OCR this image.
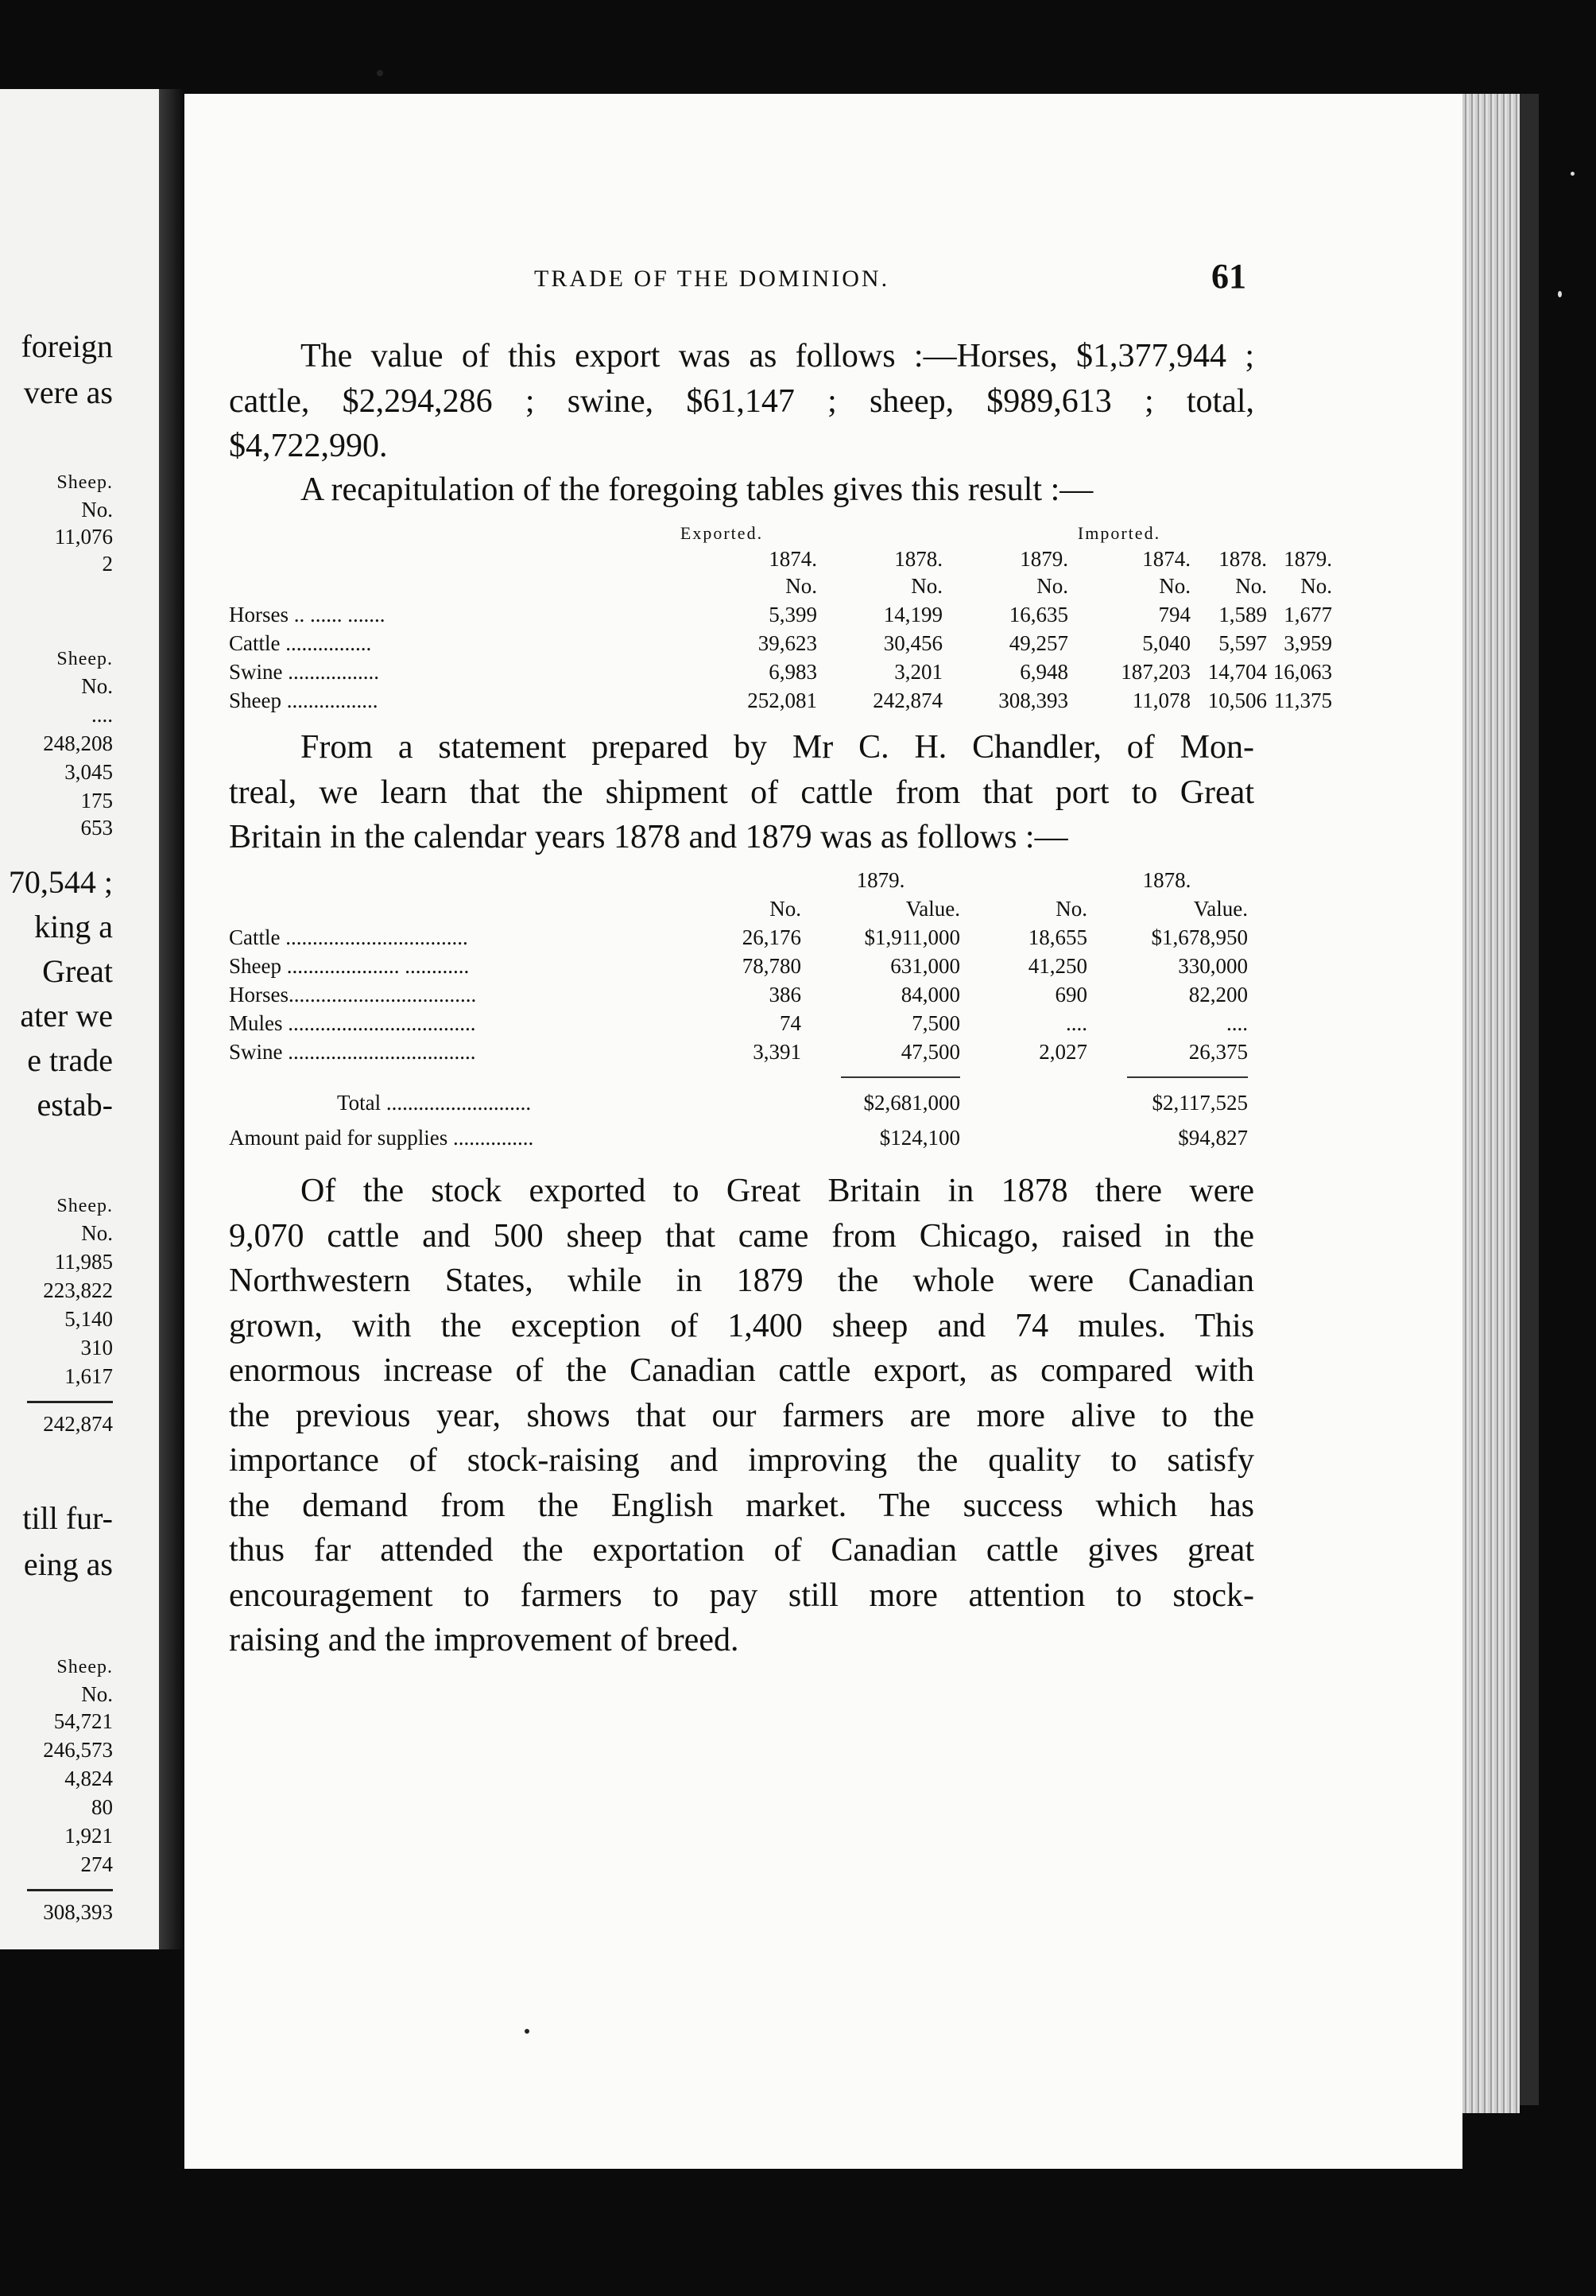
foreign
vere as
Sheep.
No.
11,076
2
Sheep.
No.
....
248,208
3,045
175
653
70,544 ;
king a
Great
ater we
e trade
estab-
Sheep.
No.
11,985
223,822
5,140
310
1,617
242,874
till fur-
eing as
Sheep.
No.
54,721
246,573
4,824
80
1,921
274
308,393
TRADE OF THE DOMINION.	61
The value of this export was as follows :—Horses, $1,377,944 ;
cattle, $2,294,286 ; swine, $61,147 ; sheep, $989,613 ; total,
$4,722,990.
A recapitulation of the foregoing tables gives this result :—
Exported.	Imported.
1874.	1878.	1879.	1874.	1878. 1879.
No.	No.	No.	No.	No.	No.
Horses .. ...... .......	5,399	14,199	16,635	794	1,589 1,677
Cattle ................	39,623	30,456	49,257	5,040	5,597 3,959
Swine .................	6,983	3,201	6,948	187,203 14,704 16,063
Sheep .................	252,081	242,874	308,393	11,078 10,506 11,375
From a statement prepared by Mr C. H. Chandler, of Mon-
treal, we learn that the shipment of cattle from that port to Great
Britain in the calendar years 1878 and 1879 was as follows :—
1879.	1878.
No.	Value.	No.	Value.
Cattle ..................................	26,176	$1,911,000	18,655	$1,678,950
Sheep ..................... ............	78,780	631,000	41,250	330,000
Horses...................................	386	84,000	690	82,200
Mules ...................................	74	7,500	....	....
Swine ...................................	3,391	47,500	2,027	26,375
Total ...........................	$2,681,000	$2,117,525
Amount paid for supplies ...............	$124,100	$94,827
Of the stock exported to Great Britain in 1878 there were
9,070 cattle and 500 sheep that came from Chicago, raised in the
Northwestern States, while in 1879 the whole were Canadian
grown, with the exception of 1,400 sheep and 74 mules. This
enormous increase of the Canadian cattle export, as compared with
the previous year, shows that our farmers are more alive to the
importance of stock-raising and improving the quality to satisfy
the demand from the English market. The success which has
thus far attended the exportation of Canadian cattle gives great
encouragement to farmers to pay still more attention to stock-
raising and the improvement of breed.
